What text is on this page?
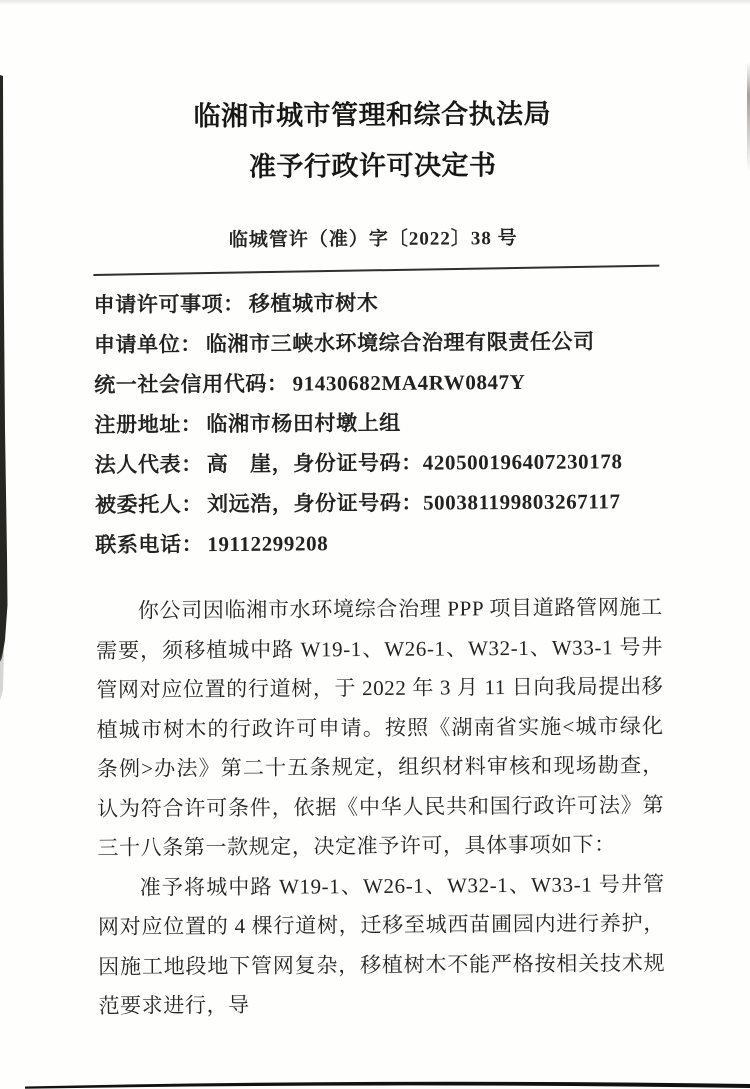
临湘市城市管理和综合执法局
准予行政许可决定书
临城管许（准）字〔2022〕38 号
申请许可事项： 移植城市树木
申请单位： 临湘市三峡水环境综合治理有限责任公司
统一社会信用代码： 91430682MA4RW0847Y
注册地址： 临湘市杨田村墩上组
法人代表： 高　崖，身份证号码：420500196407230178
被委托人： 刘远浩，身份证号码：500381199803267117
联系电话： 19112299208

你公司因临湘市水环境综合治理 PPP 项目道路管网施工需要，须移植城中路 W19-1、W26-1、W32-1、W33-1 号井管网对应位置的行道树，于 2022 年 3 月 11 日向我局提出移植城市树木的行政许可申请。按照《湖南省实施<城市绿化条例>办法》第二十五条规定，组织材料审核和现场勘查，认为符合许可条件，依据《中华人民共和国行政许可法》第三十八条第一款规定，决定准予许可，具体事项如下：

准予将城中路 W19-1、W26-1、W32-1、W33-1 号井管网对应位置的 4 棵行道树，迁移至城西苗圃园内进行养护，因施工地段地下管网复杂，移植树木不能严格按相关技术规范要求进行，导
